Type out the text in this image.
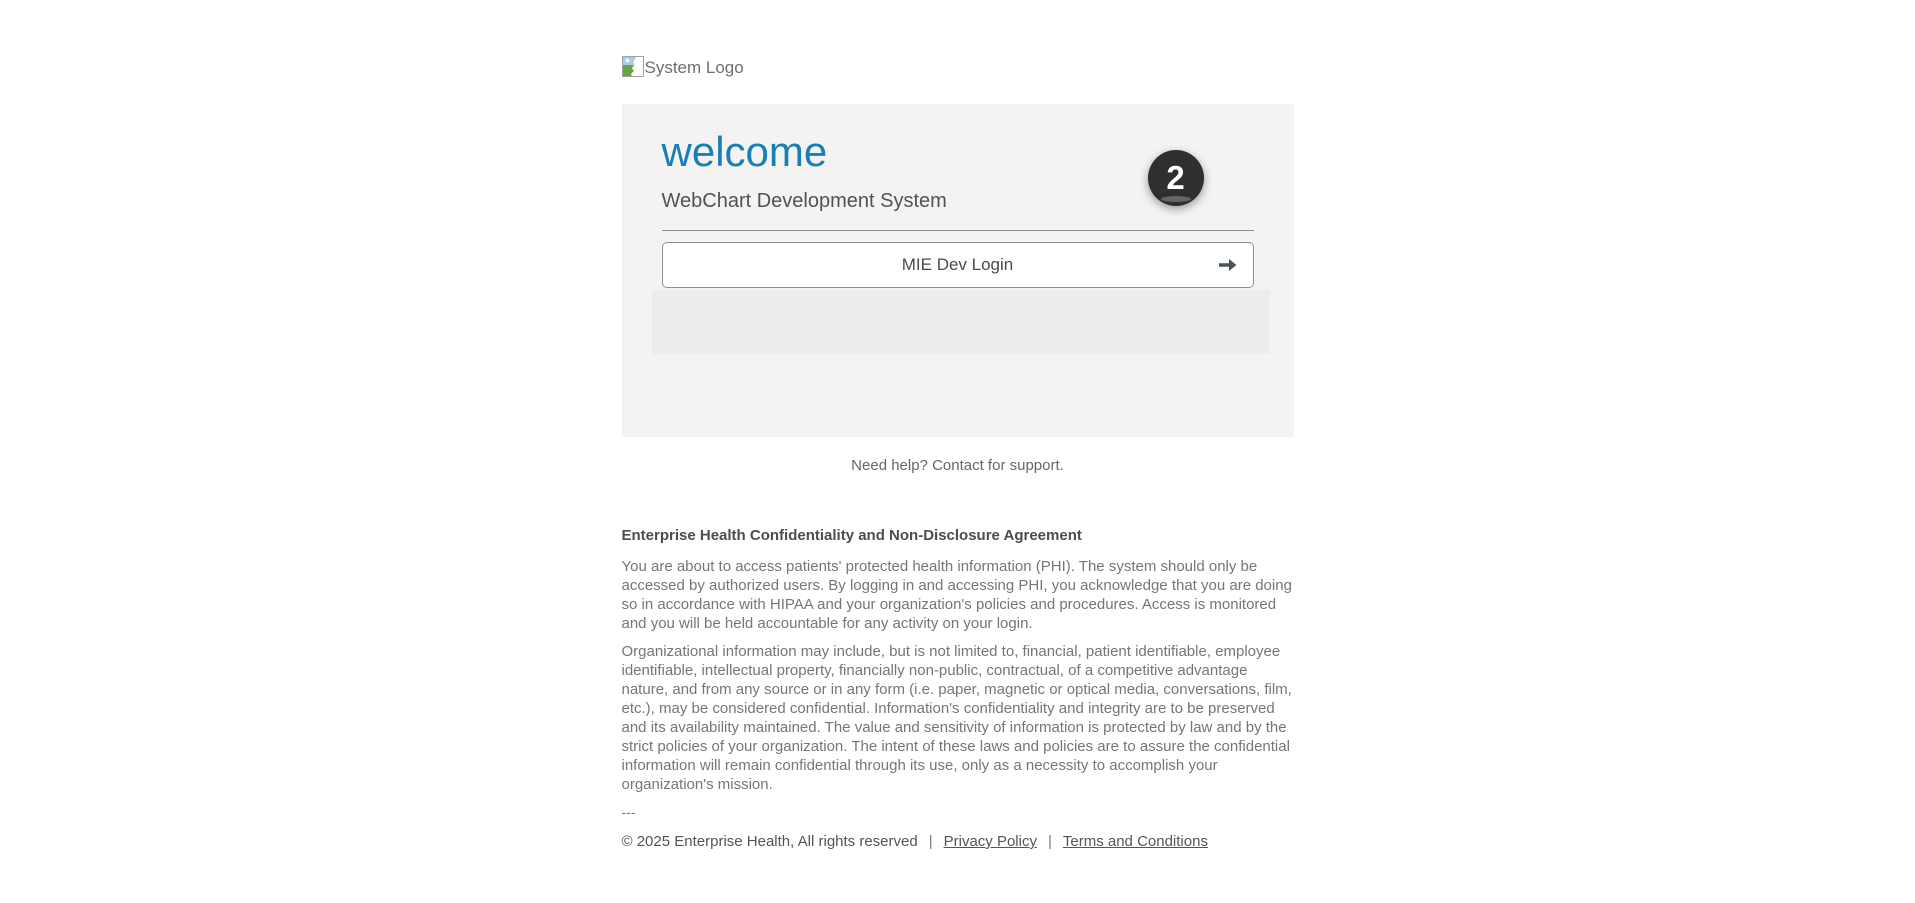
System Logo
2
welcome
WebChart Development System
MIE Dev Login
Need help? Contact for support.
Enterprise Health Confidentiality and Non-Disclosure Agreement

You are about to access patients' protected health information (PHI). The system should only be accessed by authorized users. By logging in and accessing PHI, you acknowledge that you are doing so in accordance with HIPAA and your organization's policies and procedures. Access is monitored and you will be held accountable for any activity on your login.

Organizational information may include, but is not limited to, financial, patient identifiable, employee identifiable, intellectual property, financially non-public, contractual, of a competitive advantage nature, and from any source or in any form (i.e. paper, magnetic or optical media, conversations, film, etc.), may be considered confidential. Information's confidentiality and integrity are to be preserved and its availability maintained. The value and sensitivity of information is protected by law and by the strict policies of your organization. The intent of these laws and policies are to assure the confidential information will remain confidential through its use, only as a necessity to accomplish your organization's mission.

---
© 2025 Enterprise Health, All rights reserved | Privacy Policy | Terms and Conditions
